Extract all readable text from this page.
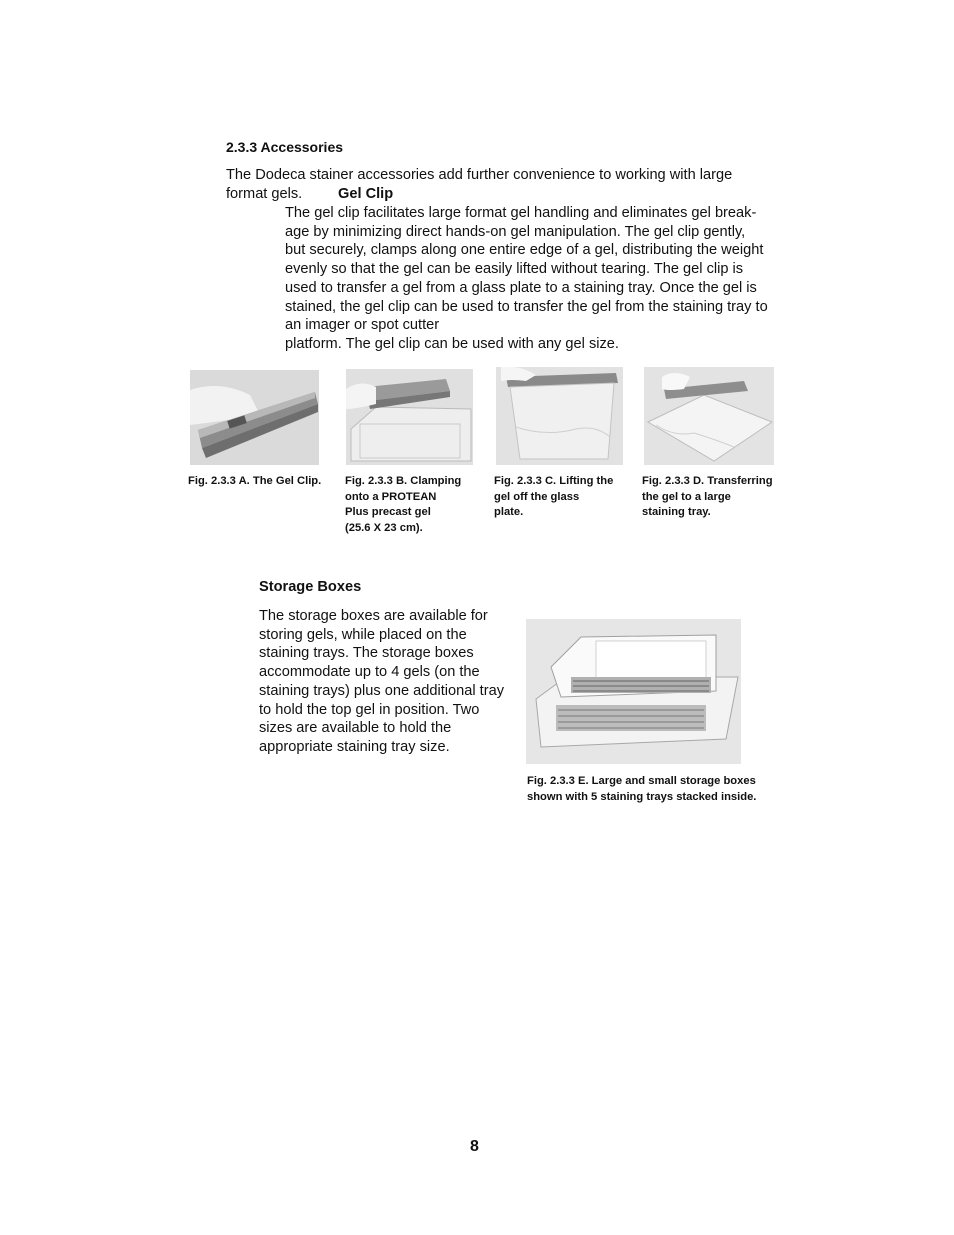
2.3.3 Accessories
The Dodeca stainer accessories add further convenience to working with large
format gels. Gel Clip
The gel clip facilitates large format gel handling and eliminates gel break-
age by minimizing direct hands-on gel manipulation. The gel clip gently,
but securely, clamps along one entire edge of a gel, distributing the weight
evenly so that the gel can be easily lifted without tearing. The gel clip is
used to transfer a gel from a glass plate to a staining tray. Once the gel is
stained, the gel clip can be used to transfer the gel from the staining tray to
an imager or spot cutter
platform. The gel clip can be used with any gel size.
Fig. 2.3.3 A. The Gel Clip. Fig. 2.3.3 B. Clamping
onto a PROTEAN
Plus precast gel
(25.6 X 23 cm).
Fig. 2.3.3 C. Lifting the
gel off the glass
plate.
Fig. 2.3.3 D. Transferring
the gel to a large
staining tray.
Storage Boxes
The storage boxes are available for
storing gels, while placed on the
staining trays. The storage boxes
accommodate up to 4 gels (on the
staining trays) plus one additional tray
to hold the top gel in position. Two
sizes are available to hold the
appropriate staining tray size.
Fig. 2.3.3 E. Large and small storage boxes
shown with 5 staining trays stacked inside.
8
